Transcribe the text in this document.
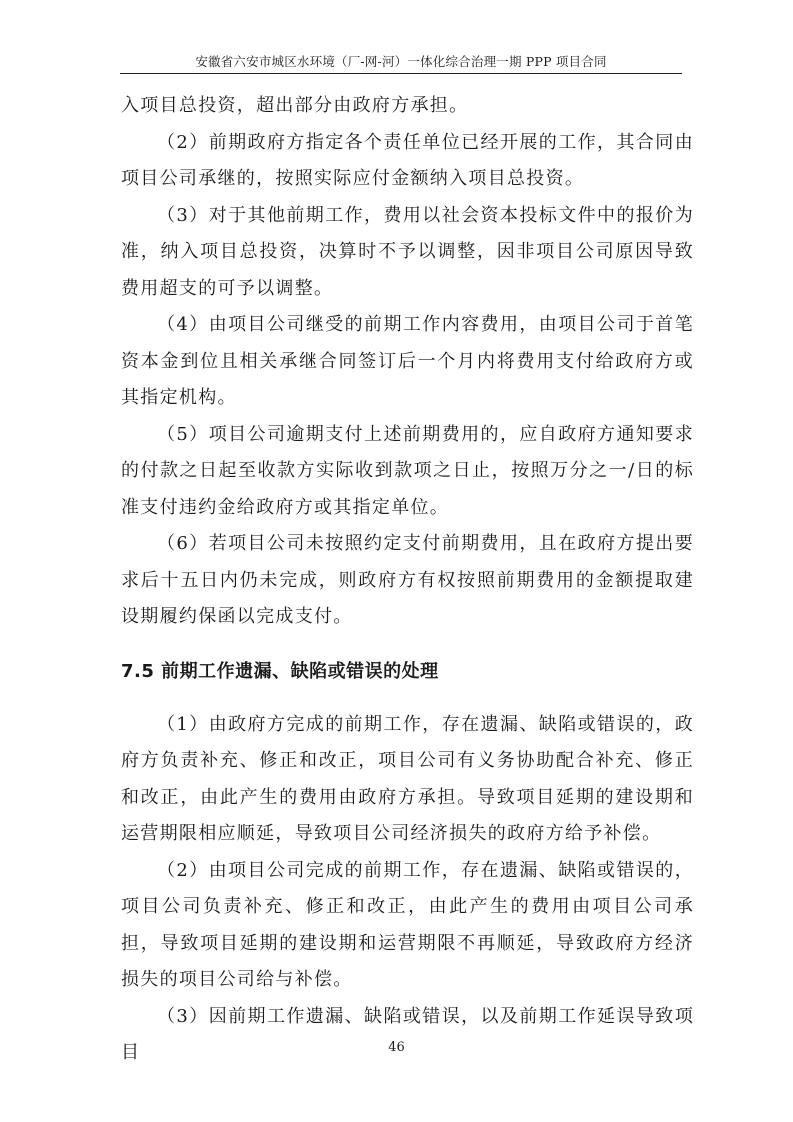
安徽省六安市城区水环境（厂-网-河）一体化综合治理一期 PPP 项目合同

入项目总投资，超出部分由政府方承担。

（2）前期政府方指定各个责任单位已经开展的工作，其合同由项目公司承继的，按照实际应付金额纳入项目总投资。

（3）对于其他前期工作，费用以社会资本投标文件中的报价为准，纳入项目总投资，决算时不予以调整，因非项目公司原因导致费用超支的可予以调整。

（4）由项目公司继受的前期工作内容费用，由项目公司于首笔资本金到位且相关承继合同签订后一个月内将费用支付给政府方或其指定机构。

（5）项目公司逾期支付上述前期费用的，应自政府方通知要求的付款之日起至收款方实际收到款项之日止，按照万分之一/日的标准支付违约金给政府方或其指定单位。

（6）若项目公司未按照约定支付前期费用，且在政府方提出要求后十五日内仍未完成，则政府方有权按照前期费用的金额提取建设期履约保函以完成支付。

7.5 前期工作遗漏、缺陷或错误的处理

（1）由政府方完成的前期工作，存在遗漏、缺陷或错误的，政府方负责补充、修正和改正，项目公司有义务协助配合补充、修正和改正，由此产生的费用由政府方承担。导致项目延期的建设期和运营期限相应顺延，导致项目公司经济损失的政府方给予补偿。

（2）由项目公司完成的前期工作，存在遗漏、缺陷或错误的，项目公司负责补充、修正和改正，由此产生的费用由项目公司承担，导致项目延期的建设期和运营期限不再顺延，导致政府方经济损失的项目公司给与补偿。

（3）因前期工作遗漏、缺陷或错误，以及前期工作延误导致项目	46
